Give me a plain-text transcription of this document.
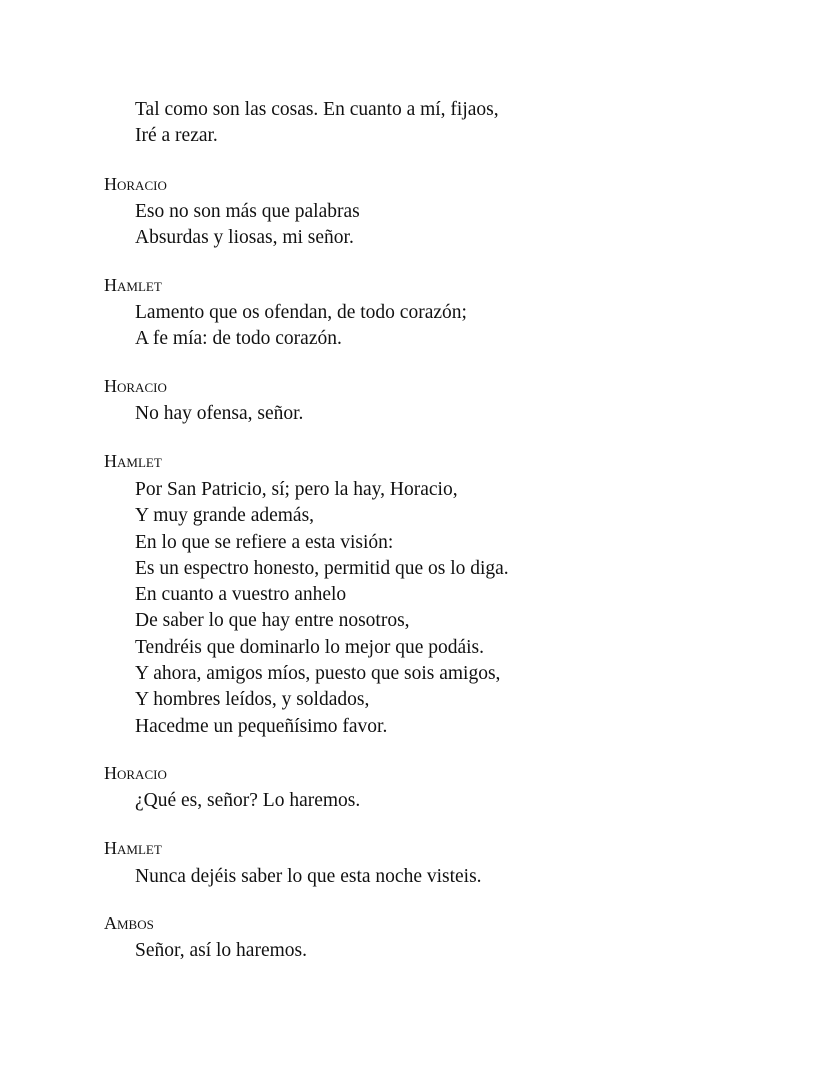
Tal como son las cosas. En cuanto a mí, fijaos,
Iré a rezar.
Horacio
Eso no son más que palabras
Absurdas y liosas, mi señor.
Hamlet
Lamento que os ofendan, de todo corazón;
A fe mía: de todo corazón.
Horacio
No hay ofensa, señor.
Hamlet
Por San Patricio, sí; pero la hay, Horacio,
Y muy grande además,
En lo que se refiere a esta visión:
Es un espectro honesto, permitid que os lo diga.
En cuanto a vuestro anhelo
De saber lo que hay entre nosotros,
Tendréis que dominarlo lo mejor que podáis.
Y ahora, amigos míos, puesto que sois amigos,
Y hombres leídos, y soldados,
Hacedme un pequeñísimo favor.
Horacio
¿Qué es, señor? Lo haremos.
Hamlet
Nunca dejéis saber lo que esta noche visteis.
Ambos
Señor, así lo haremos.
